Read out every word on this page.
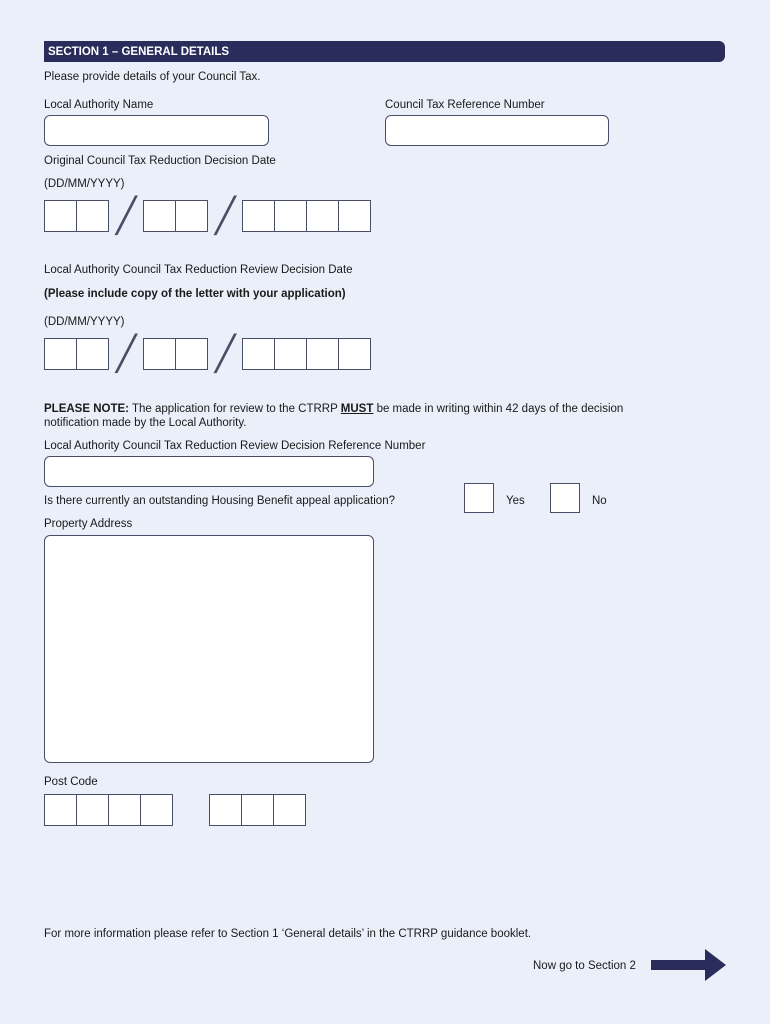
SECTION 1 – GENERAL DETAILS
Please provide details of your Council Tax.
Local Authority Name	Council Tax Reference Number
Original Council Tax Reduction Decision Date
(DD/MM/YYYY)
╱ ╱
Local Authority Council Tax Reduction Review Decision Date
(Please include copy of the letter with your application)
(DD/MM/YYYY)
╱ ╱
PLEASE NOTE: The application for review to the CTRRP MUST be made in writing within 42 days of the decision
notification made by the Local Authority.
Local Authority Council Tax Reduction Review Decision Reference Number
Is there currently an outstanding Housing Benefit appeal application?	Yes	No
Property Address
Post Code
For more information please refer to Section 1 ‘General details’ in the CTRRP guidance booklet.
Now go to Section 2
